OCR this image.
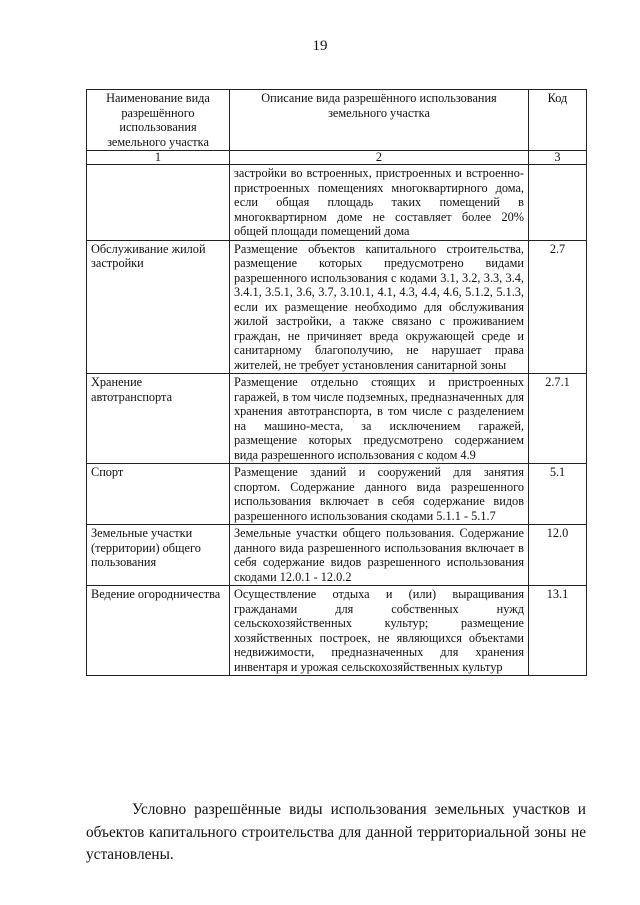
19
Наименование вида разрешённого использования земельного участка	Описание вида разрешённого использования земельного участка	Код
1	2	3
	застройки во встроенных, пристроенных и встроенно-пристроенных помещениях многоквартирного дома, если общая площадь таких помещений в многоквартирном доме не составляет более 20% общей площади помещений дома	
Обслуживание жилой застройки	Размещение объектов капитального строительства, размещение которых предусмотрено видами разрешенного использования с кодами 3.1, 3.2, 3.3, 3.4, 3.4.1, 3.5.1, 3.6, 3.7, 3.10.1, 4.1, 4.3, 4.4, 4.6, 5.1.2, 5.1.3, если их размещение необходимо для обслуживания жилой застройки, а также связано с проживанием граждан, не причиняет вреда окружающей среде и санитарному благополучию, не нарушает права жителей, не требует установления санитарной зоны	2.7
Хранение автотранспорта	Размещение отдельно стоящих и пристроенных гаражей, в том числе подземных, предназначенных для хранения автотранспорта, в том числе с разделением на машино-места, за исключением гаражей, размещение которых предусмотрено содержанием вида разрешенного использования с кодом 4.9	2.7.1
Спорт	Размещение зданий и сооружений для занятия спортом. Содержание данного вида разрешенного использования включает в себя содержание видов разрешенного использования скодами 5.1.1 - 5.1.7	5.1
Земельные участки (территории) общего пользования	Земельные участки общего пользования. Содержание данного вида разрешенного использования включает в себя содержание видов разрешенного использования скодами 12.0.1 - 12.0.2	12.0
Ведение огородничества	Осуществление отдыха и (или) выращивания гражданами для собственных нужд сельскохозяйственных культур; размещение хозяйственных построек, не являющихся объектами недвижимости, предназначенных для хранения инвентаря и урожая сельскохозяйственных культур	13.1

Условно разрешённые виды использования земельных участков и объектов капитального строительства для данной территориальной зоны не установлены.
